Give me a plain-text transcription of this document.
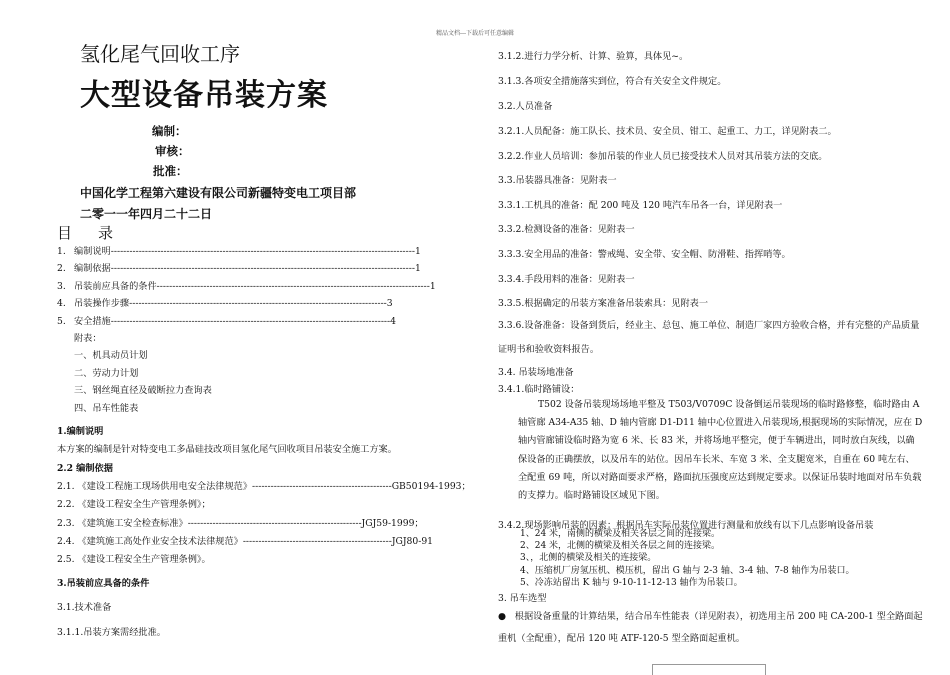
精品文档---下载后可任意编辑
氢化尾气回收工序
大型设备吊装方案
编制：
审核：
批准：
中国化学工程第六建设有限公司新疆特变电工项目部
二零一一年四月二十二日
目录
1. 编制说明--------------------------------------------------------------------------------------------------1
2. 编制依据--------------------------------------------------------------------------------------------------1
3. 吊装前应具备的条件----------------------------------------------------------------------------------------1
4. 吊装操作步骤-----------------------------------------------------------------------------------3
5. 安全措施------------------------------------------------------------------------------------------4
附表：
一、机具动员计划
二、劳动力计划
三、钢丝绳直径及破断拉力查询表
四、吊车性能表
1.编制说明
本方案的编制是针对特变电工多晶硅技改项目氢化尾气回收项目吊装安全施工方案。
2.2 编制依据
2.1. 《建设工程施工现场供用电安全法律规范》---------------------------------------------GB50194-1993；
2.2. 《建设工程安全生产管理条例》；
2.3. 《建筑施工安全检查标准》--------------------------------------------------------JGJ59-1999；
2.4. 《建筑施工高处作业安全技术法律规范》------------------------------------------------JGJ80-91
2.5. 《建设工程安全生产管理条例》。
3.吊装前应具备的条件
3.1.技术准备
3.1.1.吊装方案需经批准。
3.1.2.进行力学分析、计算、验算，具体见~。
3.1.3.各项安全措施落实到位，符合有关安全文件规定。
3.2.人员准备
3.2.1.人员配备：施工队长、技术员、安全员、钳工、起重工、力工，详见附表二。
3.2.2.作业人员培训：参加吊装的作业人员已接受技术人员对其吊装方法的交底。
3.3.吊装器具准备：见附表一
3.3.1.工机具的准备：配 200 吨及 120 吨汽车吊各一台，详见附表一
3.3.2.检测设备的准备：见附表一
3.3.3.安全用品的准备：警戒绳、安全带、安全帽、防滑鞋、指挥哨等。
3.3.4.手段用料的准备：见附表一
3.3.5.根据确定的吊装方案准备吊装索具：见附表一
3.3.6.设备准备：设备到货后，经业主、总包、施工单位、制造厂家四方验收合格，并有完整的产品质量证明书和验收资料报告。
3.4. 吊装场地准备
3.4.1.临时路铺设：
T502 设备吊装现场场地平整及 T503/V0709C 设备倒运吊装现场的临时路修整，临时路由 A 轴管廊 A34-A35 轴、D 轴内管廊 D1-D11 轴中心位置进入吊装现场,根据现场的实际情况，应在 D 轴内管廊铺设临时路为宽 6 米、长 83 米，并将场地平整完，便于车辆进出，同时放白灰线，以确保设备的正确摆放，以及吊车的站位。因吊车长米、车宽 3 米、全支腿宽米，自重在 60 吨左右、全配重 69 吨，所以对路面要求严格，路面抗压强度应达到规定要求。以保证吊装时地面对吊车负载的支撑力。临时路铺设区域见下图。
3.4.2.现场影响吊装的因素：根据吊车实际吊装位置进行测量和放线有以下几点影响设备吊装
1、24 米，南侧的横梁及相关各层之间的连接梁。
2、24 米，北侧的横梁及相关各层之间的连接梁。
3、，北侧的横梁及相关的连接梁。
4、压缩机厂房氢压机、模压机，留出 G 轴与 2-3 轴、3-4 轴、7-8 轴作为吊装口。
5、冷冻站留出 K 轴与 9-10-11-12-13 轴作为吊装口。
3. 吊车选型
● 根据设备重量的计算结果，结合吊车性能表（详见附表），初选用主吊 200 吨 CA-200-1 型全路面起重机（全配重），配吊 120 吨 ATF-120-5 型全路面起重机。
